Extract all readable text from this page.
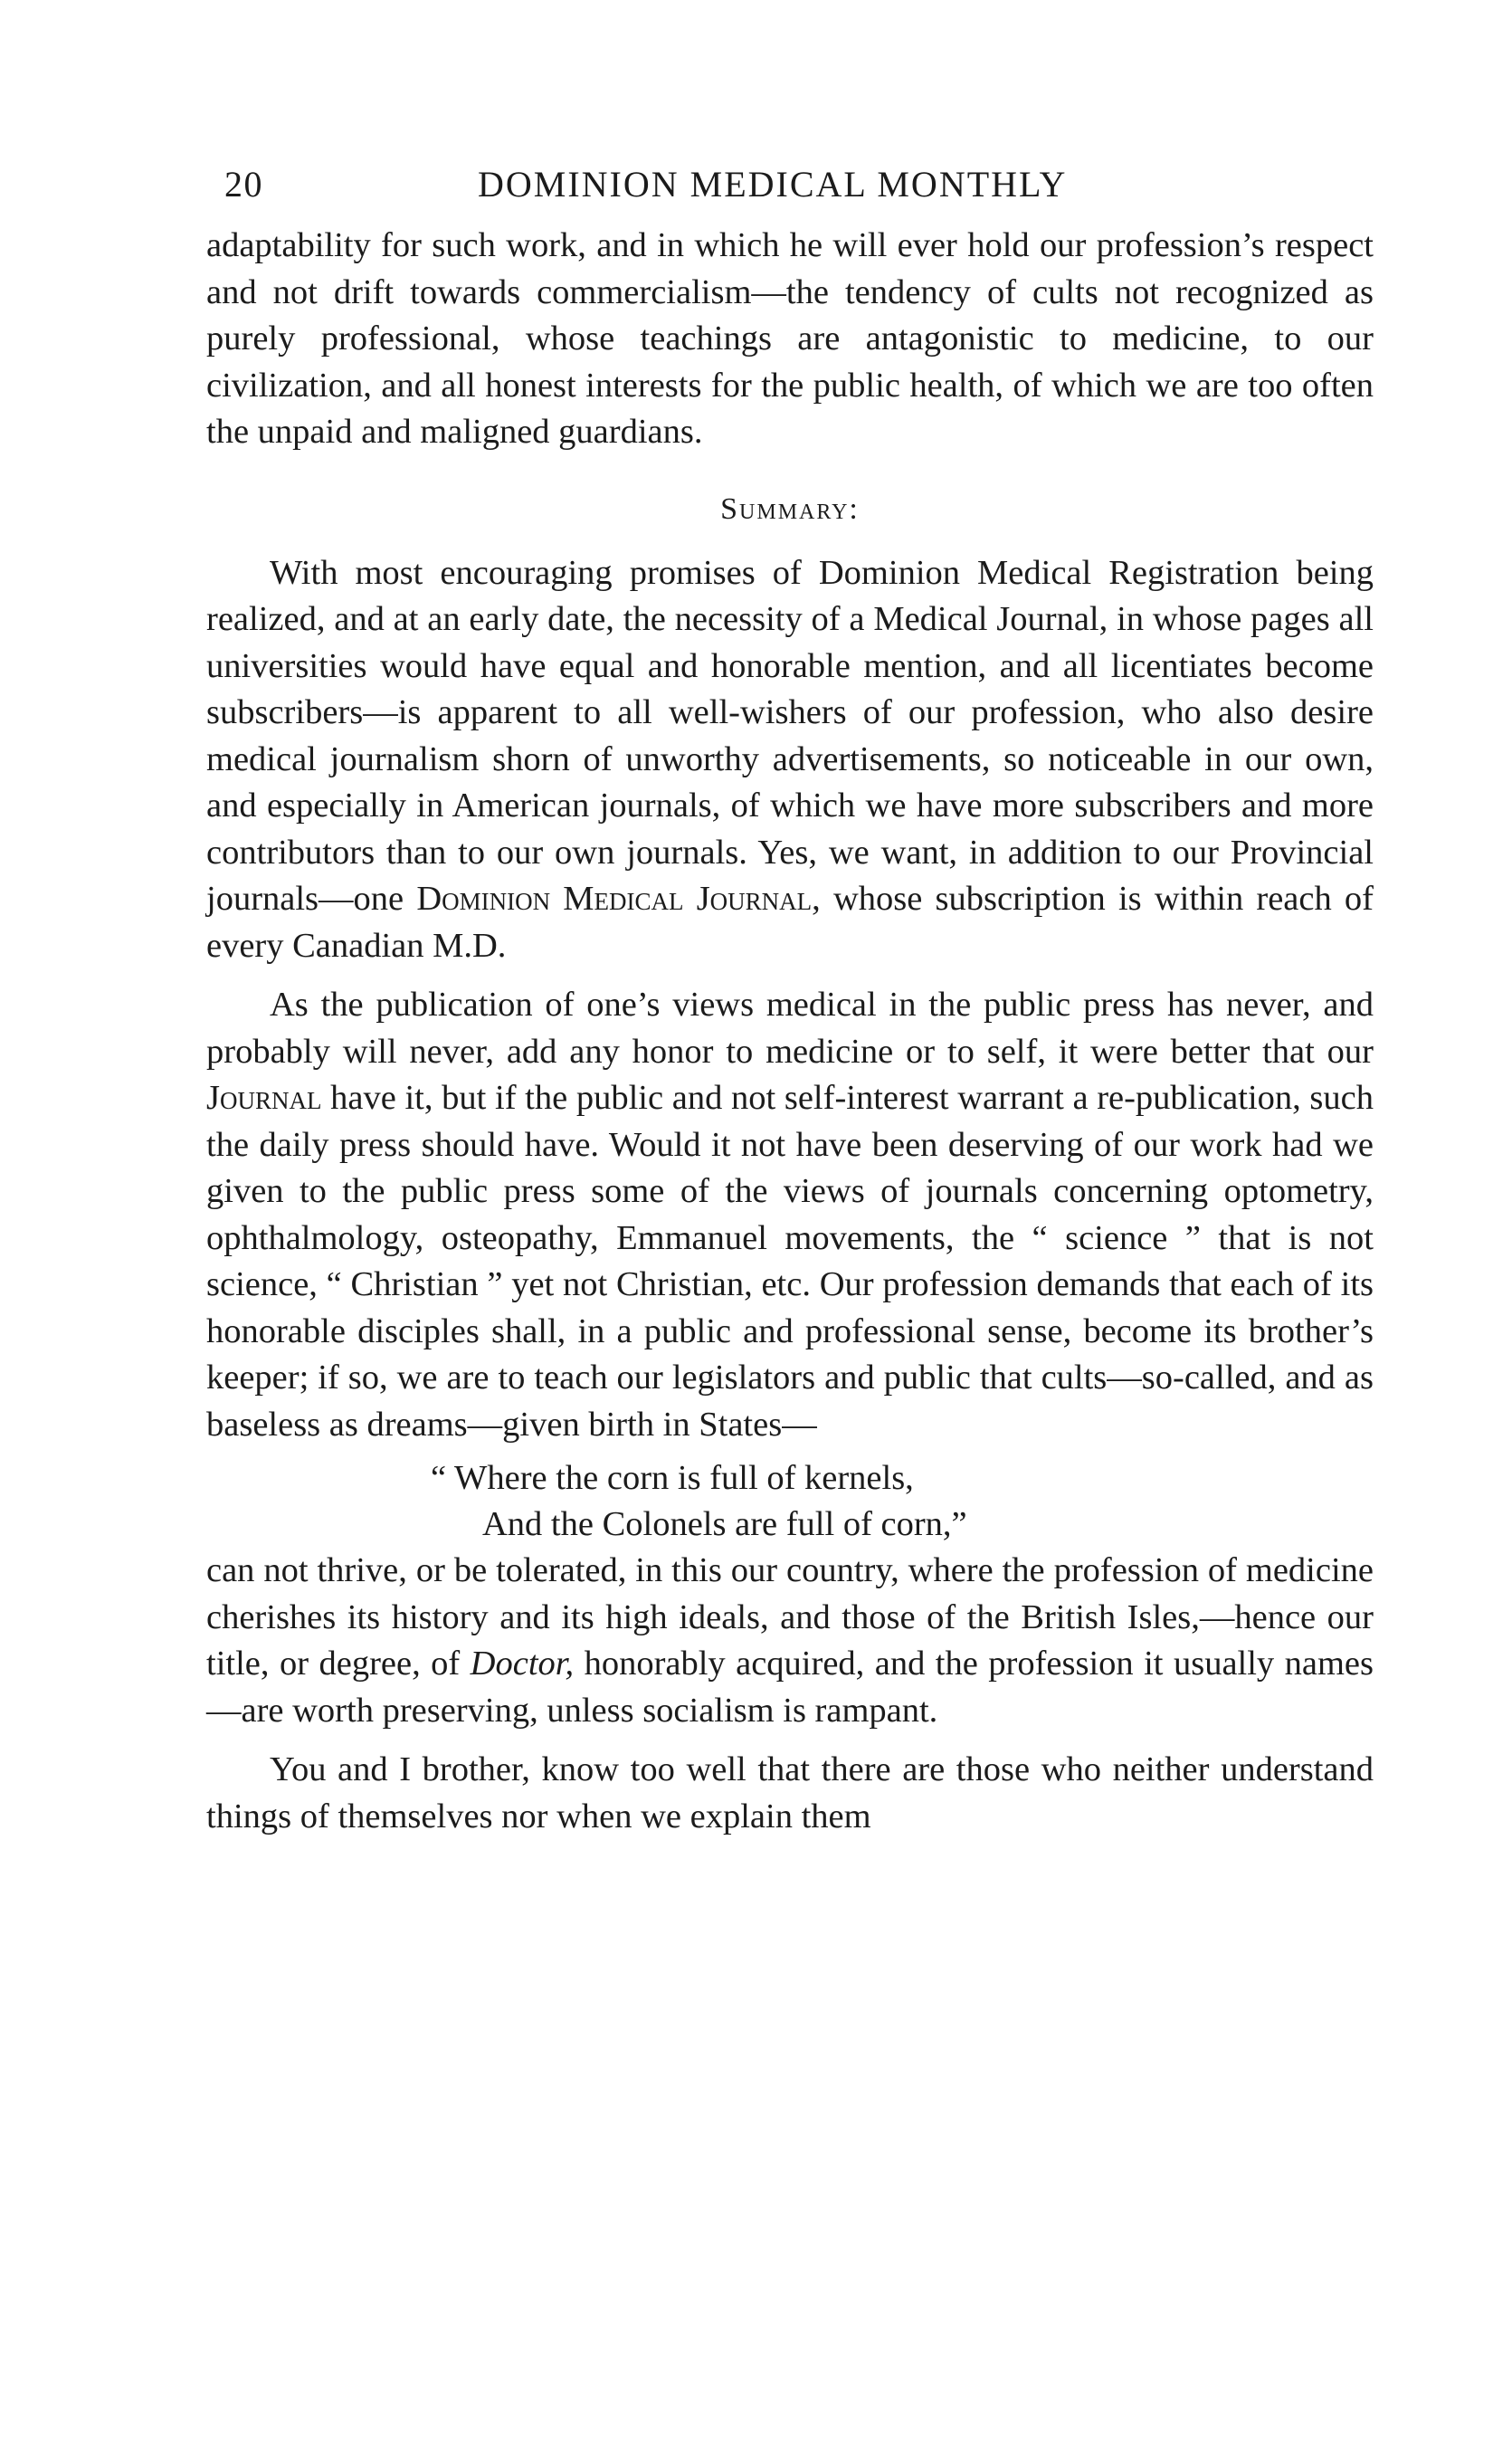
20	DOMINION MEDICAL MONTHLY

adaptability for such work, and in which he will ever hold our profession’s respect and not drift towards commercialism—the tendency of cults not recognized as purely professional, whose teachings are antagonistic to medicine, to our civilization, and all honest interests for the public health, of which we are too often the unpaid and maligned guardians.

Summary:

With most encouraging promises of Dominion Medical Registration being realized, and at an early date, the necessity of a Medical Journal, in whose pages all universities would have equal and honorable mention, and all licentiates become subscribers—is apparent to all well-wishers of our profession, who also desire medical journalism shorn of unworthy advertisements, so noticeable in our own, and especially in American journals, of which we have more subscribers and more contributors than to our own journals. Yes, we want, in addition to our Provincial journals—one Dominion Medical Journal, whose subscription is within reach of every Canadian M.D.

As the publication of one’s views medical in the public press has never, and probably will never, add any honor to medicine or to self, it were better that our Journal have it, but if the public and not self-interest warrant a re-publication, such the daily press should have. Would it not have been deserving of our work had we given to the public press some of the views of journals concerning optometry, ophthalmology, osteopathy, Emmanuel movements, the “ science ” that is not science, “ Christian ” yet not Christian, etc. Our profession demands that each of its honorable disciples shall, in a public and professional sense, become its brother’s keeper; if so, we are to teach our legislators and public that cults—so-called, and as baseless as dreams—given birth in States—

“ Where the corn is full of kernels,
And the Colonels are full of corn,”

can not thrive, or be tolerated, in this our country, where the profession of medicine cherishes its history and its high ideals, and those of the British Isles,—hence our title, or degree, of Doctor, honorably acquired, and the profession it usually names—are worth preserving, unless socialism is rampant.

You and I brother, know too well that there are those who neither understand things of themselves nor when we explain them
